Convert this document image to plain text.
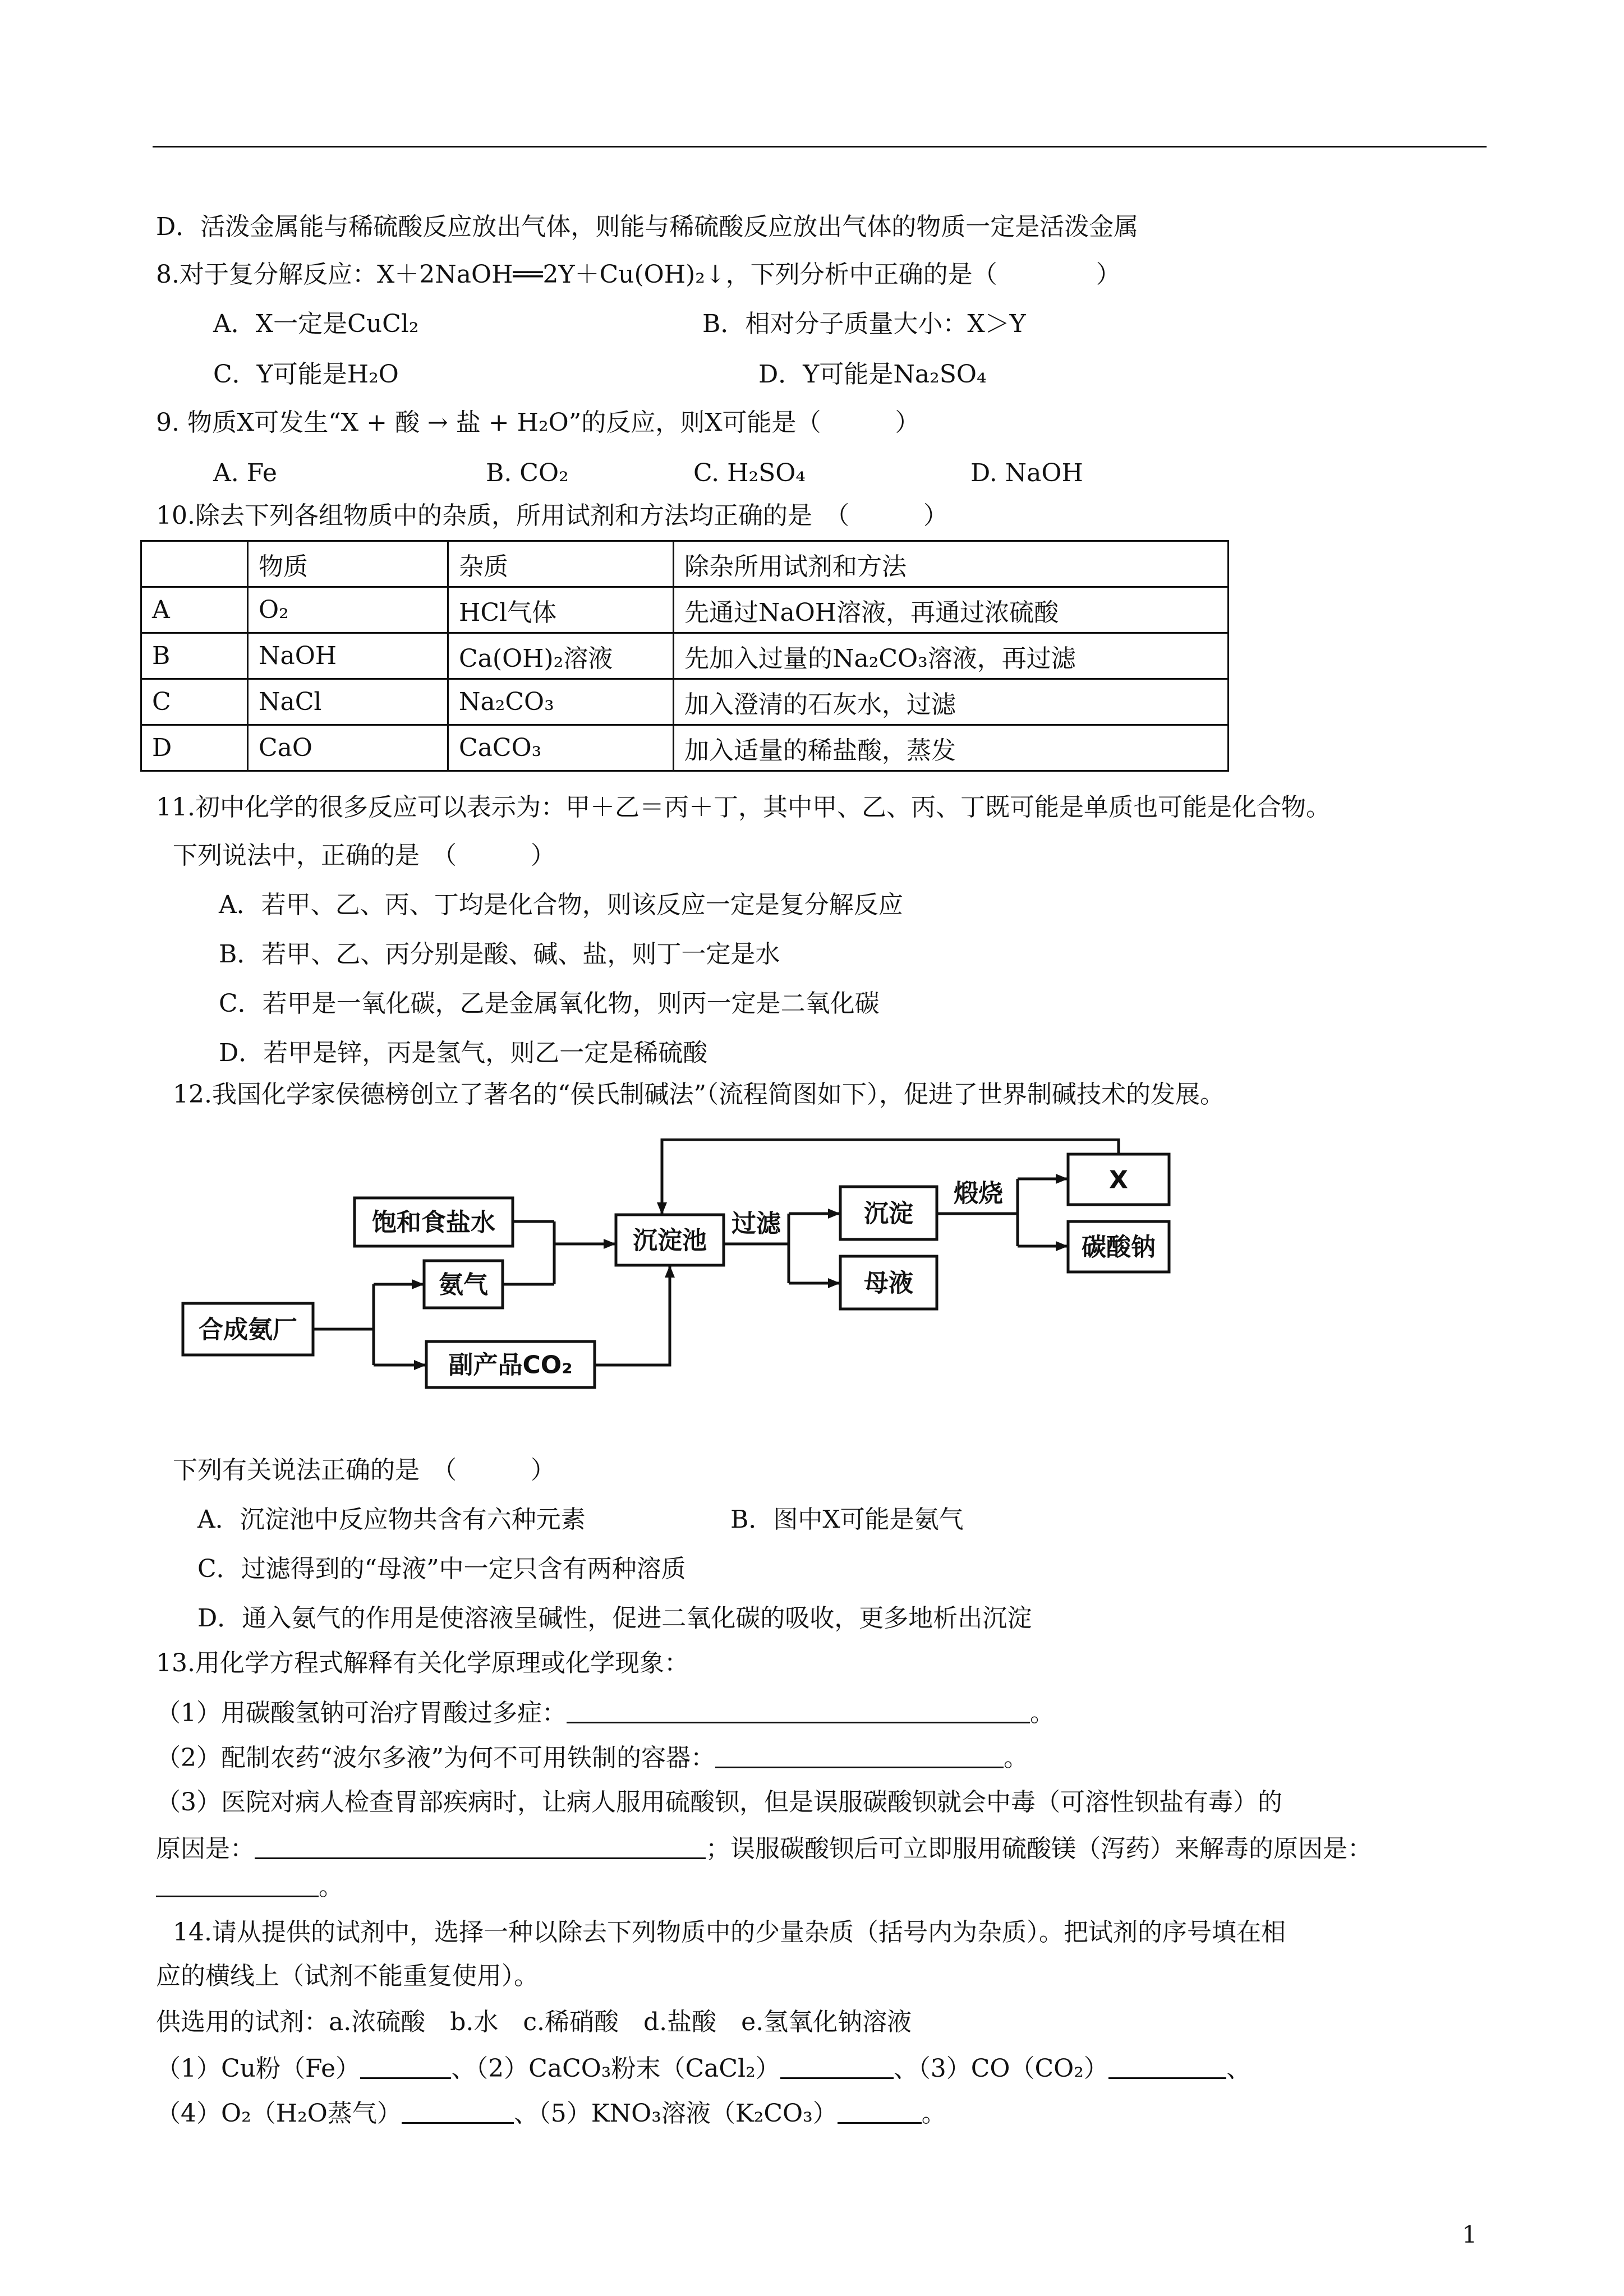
D．活泼金属能与稀硫酸反应放出气体，则能与稀硫酸反应放出气体的物质一定是活泼金属
8.对于复分解反应：X＋2NaOH══2Y＋Cu(OH)₂↓，下列分析中正确的是（　　　　）
A．X一定是CuCl₂	B．相对分子质量大小：X＞Y
C．Y可能是H₂O	D．Y可能是Na₂SO₄
9. 物质X可发生“X + 酸 → 盐 + H₂O”的反应，则X可能是（　　　）
A. Fe	B. CO₂	C. H₂SO₄	D. NaOH
10.除去下列各组物质中的杂质，所用试剂和方法均正确的是　（　　　）
	物质	杂质	除杂所用试剂和方法
A	O₂	HCl气体	先通过NaOH溶液，再通过浓硫酸
B	NaOH	Ca(OH)₂溶液	先加入过量的Na₂CO₃溶液，再过滤
C	NaCl	Na₂CO₃	加入澄清的石灰水，过滤
D	CaO	CaCO₃	加入适量的稀盐酸，蒸发
11.初中化学的很多反应可以表示为：甲＋乙＝丙＋丁，其中甲、乙、丙、丁既可能是单质也可能是化合物。
下列说法中，正确的是　（　　　）
A．若甲、乙、丙、丁均是化合物，则该反应一定是复分解反应
B．若甲、乙、丙分别是酸、碱、盐，则丁一定是水
C．若甲是一氧化碳，乙是金属氧化物，则丙一定是二氧化碳
D．若甲是锌，丙是氢气，则乙一定是稀硫酸
12.我国化学家侯德榜创立了著名的“侯氏制碱法”（流程简图如下），促进了世界制碱技术的发展。
饱和食盐水
氨气
合成氨厂
副产品CO₂
沉淀池
沉淀
母液
X
碳酸钠
过滤
煅烧
下列有关说法正确的是　（　　　）
A．沉淀池中反应物共含有六种元素	B．图中X可能是氨气
C．过滤得到的“母液”中一定只含有两种溶质
D．通入氨气的作用是使溶液呈碱性，促进二氧化碳的吸收，更多地析出沉淀
13.用化学方程式解释有关化学原理或化学现象：
（1）用碳酸氢钠可治疗胃酸过多症：	。
（2）配制农药“波尔多液”为何不可用铁制的容器：	。
（3）医院对病人检查胃部疾病时，让病人服用硫酸钡，但是误服碳酸钡就会中毒（可溶性钡盐有毒）的
原因是：	；误服碳酸钡后可立即服用硫酸镁（泻药）来解毒的原因是：
。
14.请从提供的试剂中，选择一种以除去下列物质中的少量杂质（括号内为杂质）。把试剂的序号填在相
应的横线上（试剂不能重复使用）。
供选用的试剂：a.浓硫酸　b.水　c.稀硝酸　d.盐酸　e.氢氧化钠溶液
（1）Cu粉（Fe）	、（2）CaCO₃粉末（CaCl₂）	、（3）CO（CO₂）	、
（4）O₂（H₂O蒸气）	、（5）KNO₃溶液（K₂CO₃）	。
1
